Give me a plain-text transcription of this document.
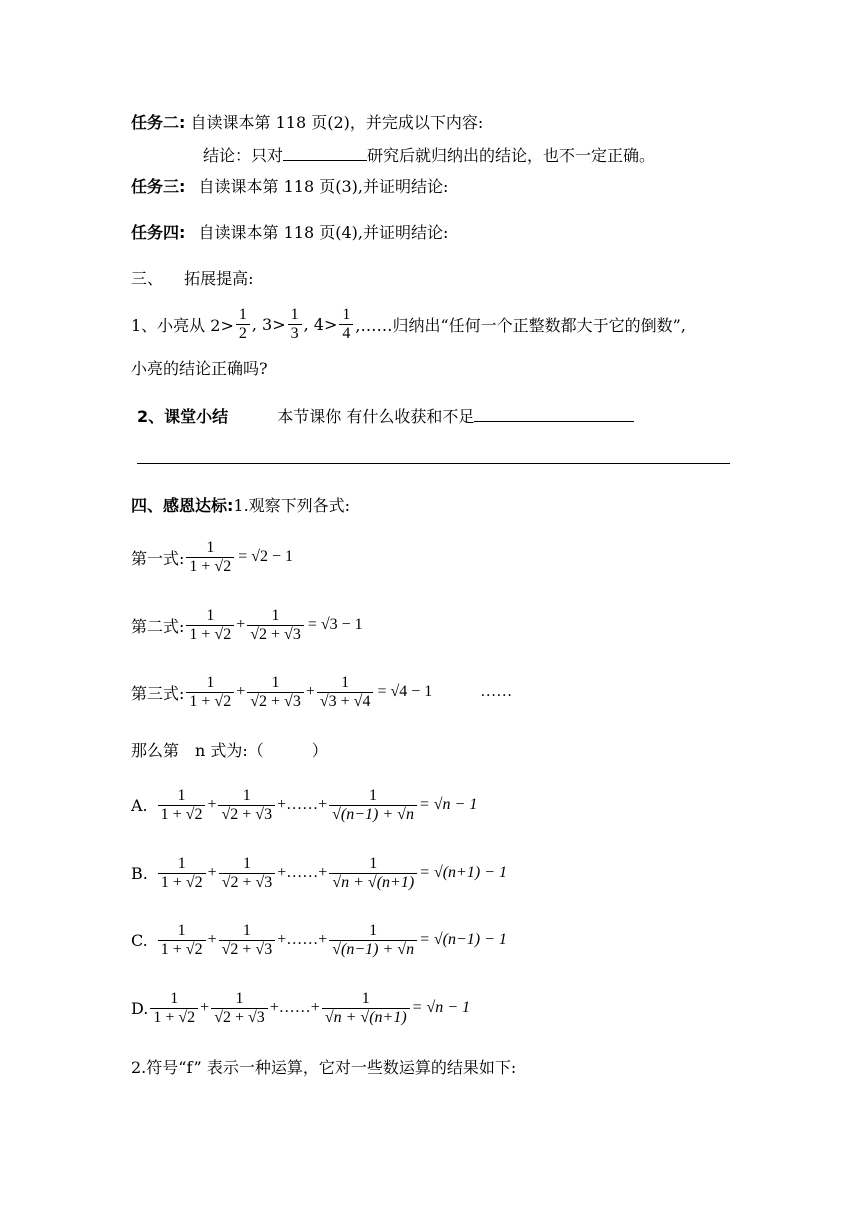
任务二: 自读课本第 118 页(2)，并完成以下内容:
结论：只对	研究后就归纳出的结论，也不一定正确。
任务三: 自读课本第 118 页(3),并证明结论:
任务四: 自读课本第 118 页(4),并证明结论:
三、 拓展提高:
1、小亮从 $2> \frac{1}{2}$ , $3> \frac{1}{3}$ , $4> \frac{1}{4}$ ,……归纳出“任何一个正整数都大于它的倒数”,
小亮的结论正确吗?
2、课堂小结	本节课你 有什么收获和不足
四、感恩达标:1.观察下列各式:
第一式: $\frac{1}{1 + √2} = √2 - 1$
第二式: $\frac{1}{1 + √2} + \frac{1}{√2 + √3} = √3 - 1$
第三式: $\frac{1}{1 + √2} + \frac{1}{√2 + √3} + \frac{1}{√3 + √4} = √4 - 1$	……
那么第　n 式为:（　　　）
A. $\frac{1}{1 + √2} + \frac{1}{√2 + √3}$ +……+ $\frac{1}{√(n-1) + √n} = √n - 1$
B. $\frac{1}{1 + √2} + \frac{1}{√2 + √3}$ +……+ $\frac{1}{√n + √(n+1)} = √(n+1) - 1$
C. $\frac{1}{1 + √2} + \frac{1}{√2 + √3}$ +……+ $\frac{1}{√(n-1) + √n} = √(n-1) - 1$
D. $\frac{1}{1 + √2} + \frac{1}{√2 + √3}$ +……+ $\frac{1}{√n + √(n+1)} = √n - 1$
2.符号“f” 表示一种运算，它对一些数运算的结果如下:
